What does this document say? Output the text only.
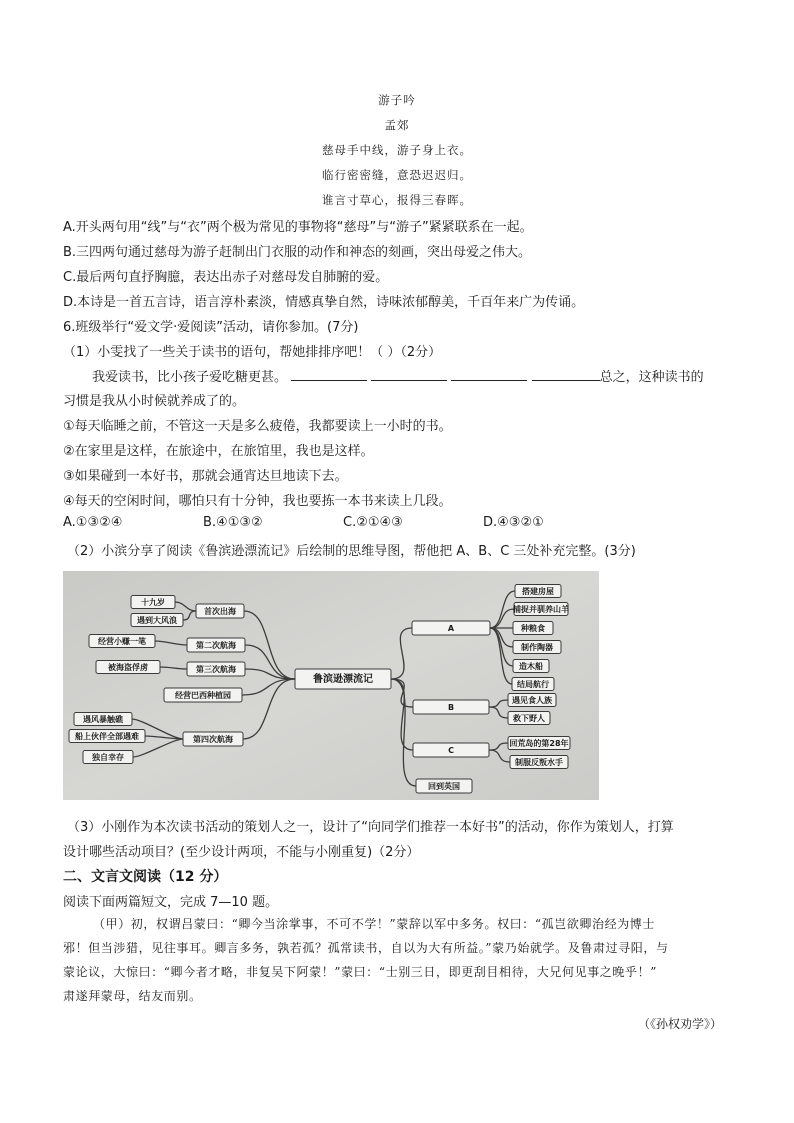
游子吟
孟郊
慈母手中线，游子身上衣。
临行密密缝，意恐迟迟归。
谁言寸草心，报得三春晖。
A.开头两句用“线”与“衣”两个极为常见的事物将“慈母”与“游子”紧紧联系在一起。
B.三四两句通过慈母为游子赶制出门衣服的动作和神态的刻画，突出母爱之伟大。
C.最后两句直抒胸臆，表达出赤子对慈母发自肺腑的爱。
D.本诗是一首五言诗，语言淳朴素淡，情感真挚自然，诗味浓郁醇美，千百年来广为传诵。
6.班级举行“爱文学·爱阅读”活动，请你参加。(7分)
（1）小雯找了一些关于读书的语句，帮她排排序吧！（ ）（2分）
我爱读书，比小孩子爱吃糖更甚。	总之，这种读书的
习惯是我从小时候就养成了的。
①每天临睡之前，不管这一天是多么疲倦，我都要读上一小时的书。
②在家里是这样，在旅途中，在旅馆里，我也是这样。
③如果碰到一本好书，那就会通宵达旦地读下去。
④每天的空闲时间，哪怕只有十分钟，我也要拣一本书来读上几段。
A.①③②④	B.④①③②	C.②①④③	D.④③②①
（2）小滨分享了阅读《鲁滨逊漂流记》后绘制的思维导图，帮他把 A、B、C 三处补充完整。(3分)
鲁滨逊漂流记
首次出海
十九岁
遇到大风浪
第二次航海
经营小赚一笔
第三次航海
被海盗俘虏
经营巴西种植园
第四次航海
遇风暴触礁
船上伙伴全部遇难
独自幸存
A
搭建房屋
捕捉并驯养山羊
种粮食
制作陶器
造木船
结局航行
B
遇见食人族
救下野人
C
回荒岛的第28年
制服反叛水手
回到英国
（3）小刚作为本次读书活动的策划人之一，设计了“向同学们推荐一本好书”的活动，你作为策划人，打算
设计哪些活动项目？(至少设计两项，不能与小刚重复)（2分）
二、文言文阅读（12 分）
阅读下面两篇短文，完成 7—10 题。

（甲）初，权谓吕蒙曰：“卿今当涂掌事，不可不学！”蒙辞以军中多务。权曰：“孤岂欲卿治经为博士

邪！但当涉猎，见往事耳。卿言多务，孰若孤？孤常读书，自以为大有所益。”蒙乃始就学。及鲁肃过寻阳，与

蒙论议，大惊曰：“卿今者才略，非复吴下阿蒙！”蒙曰：“士别三日，即更刮目相待，大兄何见事之晚乎！”

肃遂拜蒙母，结友而别。

（《孙权劝学》）
